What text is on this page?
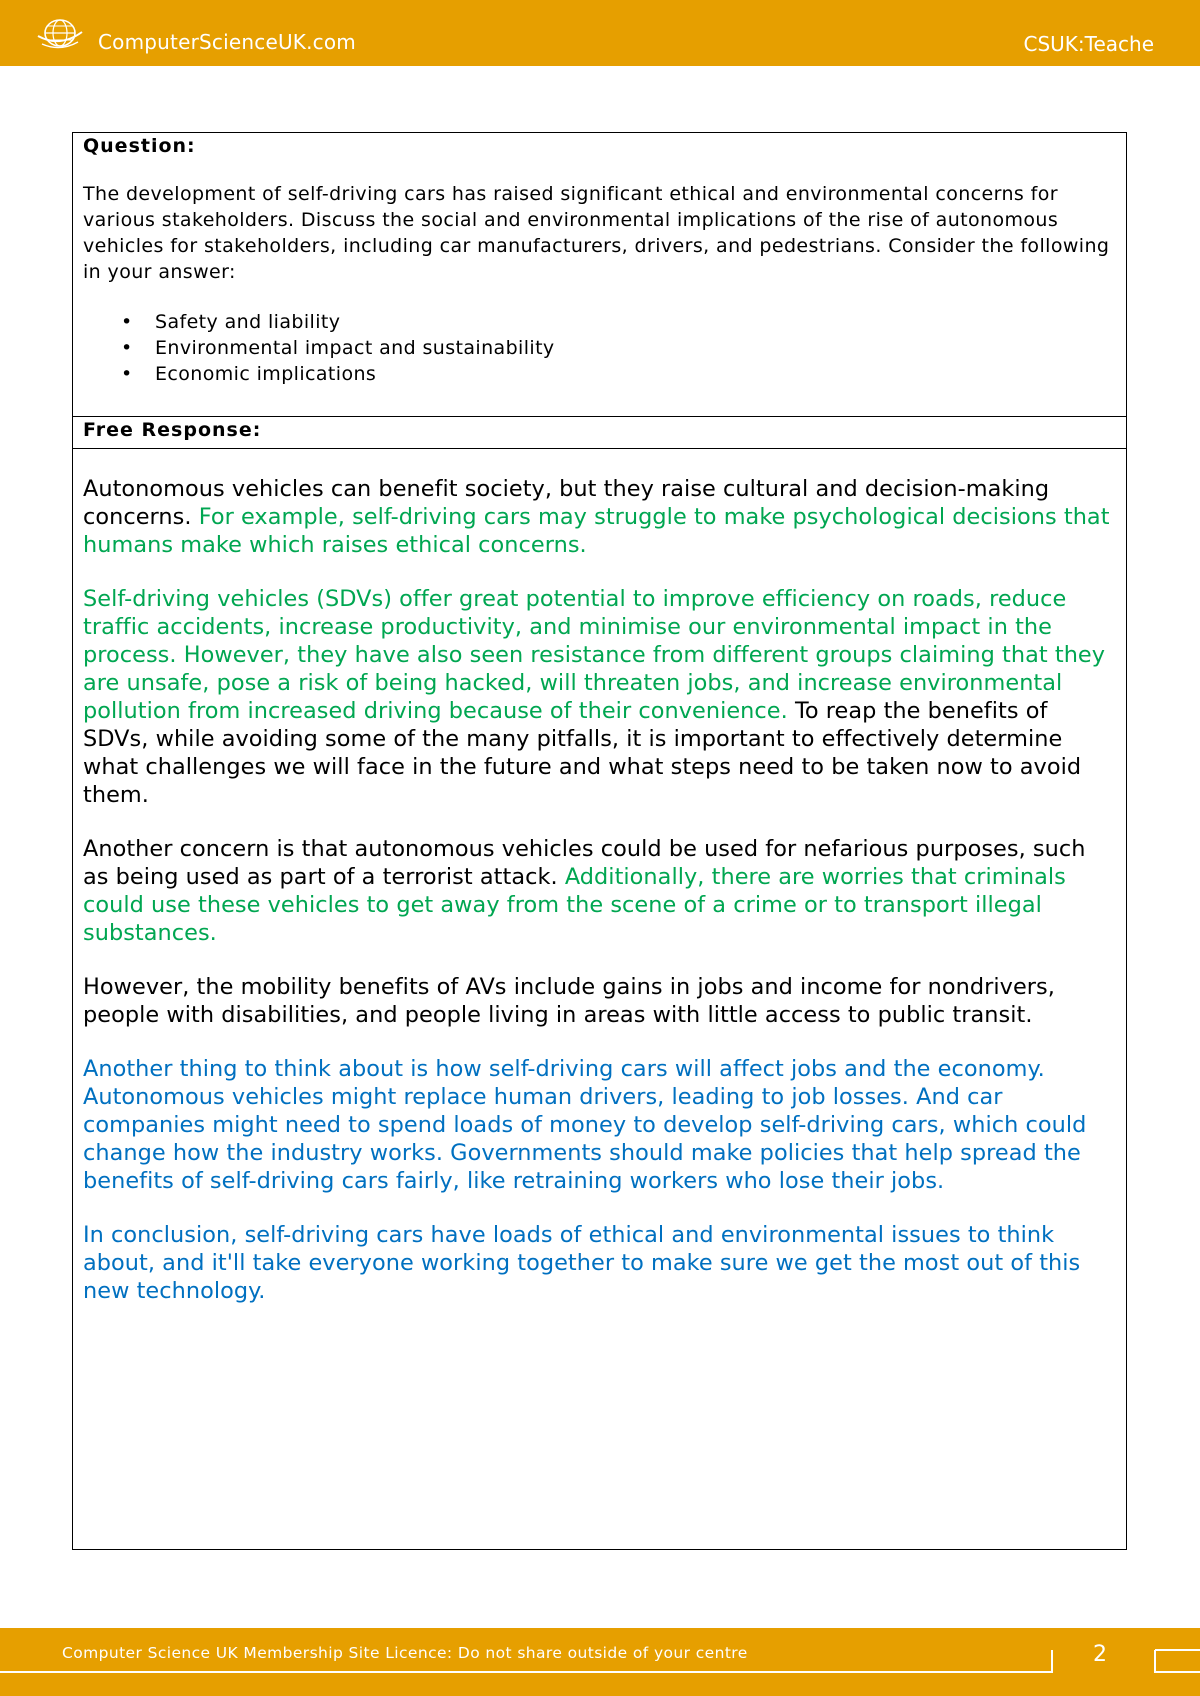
ComputerScienceUK.com	CSUK:Teache

Question:

The development of self-driving cars has raised significant ethical and environmental concerns for various stakeholders. Discuss the social and environmental implications of the rise of autonomous vehicles for stakeholders, including car manufacturers, drivers, and pedestrians. Consider the following in your answer:

• Safety and liability
• Environmental impact and sustainability
• Economic implications

Free Response:

Autonomous vehicles can benefit society, but they raise cultural and decision-making concerns. For example, self-driving cars may struggle to make psychological decisions that humans make which raises ethical concerns.

Self-driving vehicles (SDVs) offer great potential to improve efficiency on roads, reduce traffic accidents, increase productivity, and minimise our environmental impact in the process. However, they have also seen resistance from different groups claiming that they are unsafe, pose a risk of being hacked, will threaten jobs, and increase environmental pollution from increased driving because of their convenience. To reap the benefits of SDVs, while avoiding some of the many pitfalls, it is important to effectively determine what challenges we will face in the future and what steps need to be taken now to avoid them.

Another concern is that autonomous vehicles could be used for nefarious purposes, such as being used as part of a terrorist attack. Additionally, there are worries that criminals could use these vehicles to get away from the scene of a crime or to transport illegal substances.

However, the mobility benefits of AVs include gains in jobs and income for nondrivers, people with disabilities, and people living in areas with little access to public transit.

Another thing to think about is how self-driving cars will affect jobs and the economy. Autonomous vehicles might replace human drivers, leading to job losses. And car companies might need to spend loads of money to develop self-driving cars, which could change how the industry works. Governments should make policies that help spread the benefits of self-driving cars fairly, like retraining workers who lose their jobs.

In conclusion, self-driving cars have loads of ethical and environmental issues to think about, and it'll take everyone working together to make sure we get the most out of this new technology.

Computer Science UK Membership Site Licence: Do not share outside of your centre	2
